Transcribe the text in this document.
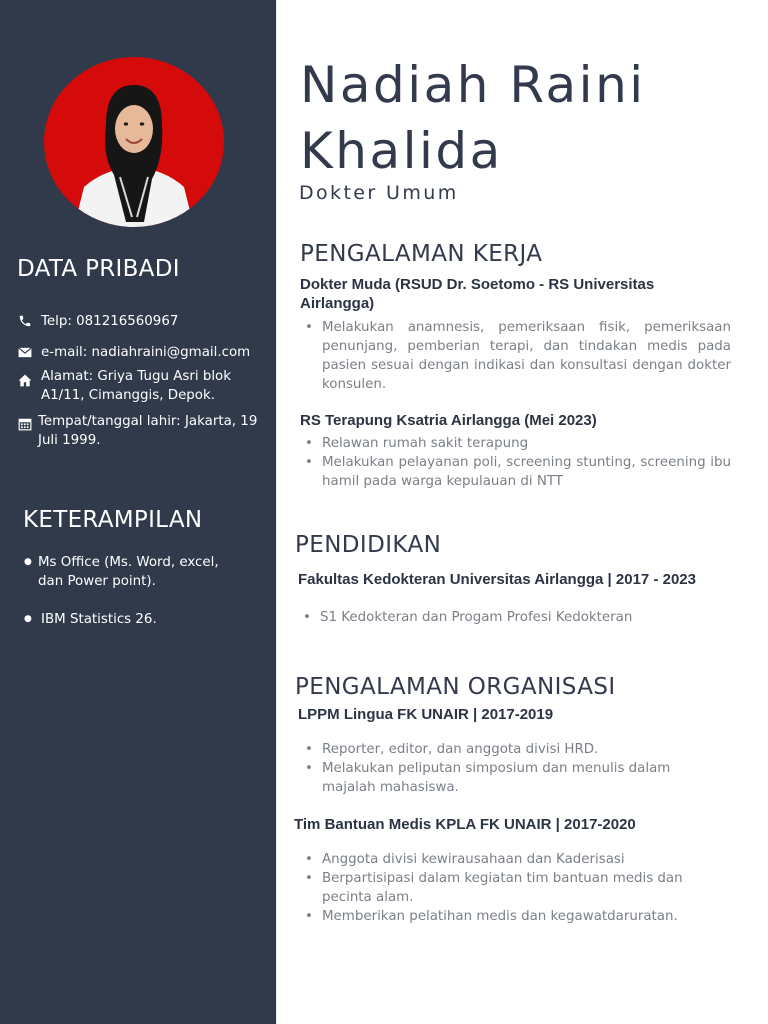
DATA PRIBADI
Telp: 081216560967
e-mail: nadiahraini@gmail.com
Alamat: Griya Tugu Asri blok A1/11, Cimanggis, Depok.
Tempat/tanggal lahir: Jakarta, 19 Juli 1999.
KETERAMPILAN
● Ms Office (Ms. Word, excel, dan Power point).
● IBM Statistics 26.
Nadiah Raini
Khalida
Dokter Umum
PENGALAMAN KERJA
Dokter Muda (RSUD Dr. Soetomo - RS Universitas Airlangga)
• Melakukan anamnesis, pemeriksaan fisik, pemeriksaan penunjang, pemberian terapi, dan tindakan medis pada pasien sesuai dengan indikasi dan konsultasi dengan dokter konsulen.
RS Terapung Ksatria Airlangga (Mei 2023)
• Relawan rumah sakit terapung
• Melakukan pelayanan poli, screening stunting, screening ibu hamil pada warga kepulauan di NTT
PENDIDIKAN
Fakultas Kedokteran Universitas Airlangga | 2017 - 2023
• S1 Kedokteran dan Progam Profesi Kedokteran
PENGALAMAN ORGANISASI
LPPM Lingua FK UNAIR | 2017-2019
• Reporter, editor, dan anggota divisi HRD.
• Melakukan peliputan simposium dan menulis dalam majalah mahasiswa.
Tim Bantuan Medis KPLA FK UNAIR | 2017-2020
• Anggota divisi kewirausahaan dan Kaderisasi
• Berpartisipasi dalam kegiatan tim bantuan medis dan pecinta alam.
• Memberikan pelatihan medis dan kegawatdaruratan.
